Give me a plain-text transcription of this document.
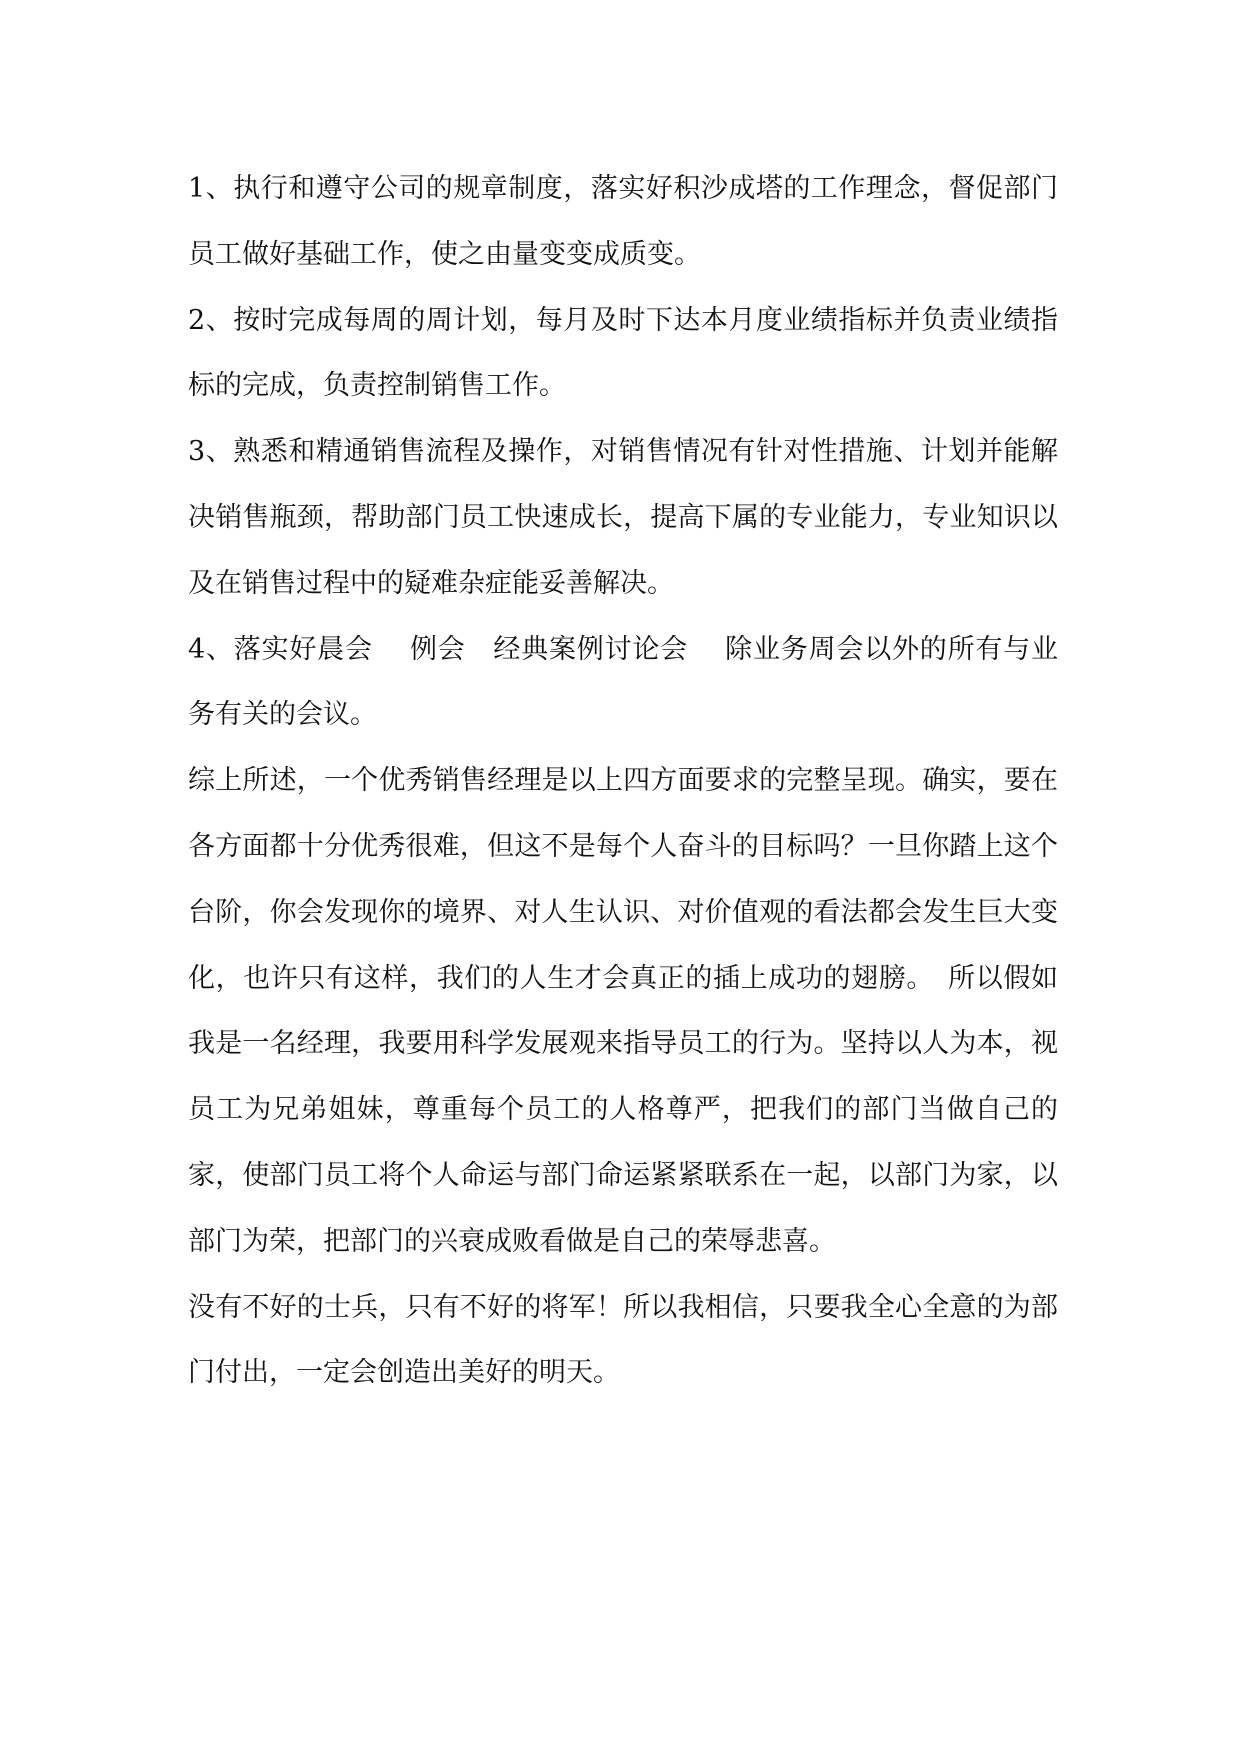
1、执行和遵守公司的规章制度，落实好积沙成塔的工作理念，督促部门员工做好基础工作，使之由量变变成质变。

2、按时完成每周的周计划，每月及时下达本月度业绩指标并负责业绩指标的完成，负责控制销售工作。

3、熟悉和精通销售流程及操作，对销售情况有针对性措施、计划并能解决销售瓶颈，帮助部门员工快速成长，提高下属的专业能力，专业知识以及在销售过程中的疑难杂症能妥善解决。

4、落实好晨会　 例会　经典案例讨论会　 除业务周会以外的所有与业务有关的会议。

综上所述，一个优秀销售经理是以上四方面要求的完整呈现。确实，要在各方面都十分优秀很难，但这不是每个人奋斗的目标吗？一旦你踏上这个台阶，你会发现你的境界、对人生认识、对价值观的看法都会发生巨大变化，也许只有这样，我们的人生才会真正的插上成功的翅膀。　所以假如我是一名经理，我要用科学发展观来指导员工的行为。坚持以人为本，视员工为兄弟姐妹，尊重每个员工的人格尊严，把我们的部门当做自己的家，使部门员工将个人命运与部门命运紧紧联系在一起，以部门为家，以部门为荣，把部门的兴衰成败看做是自己的荣辱悲喜。

没有不好的士兵，只有不好的将军！所以我相信，只要我全心全意的为部门付出，一定会创造出美好的明天。
